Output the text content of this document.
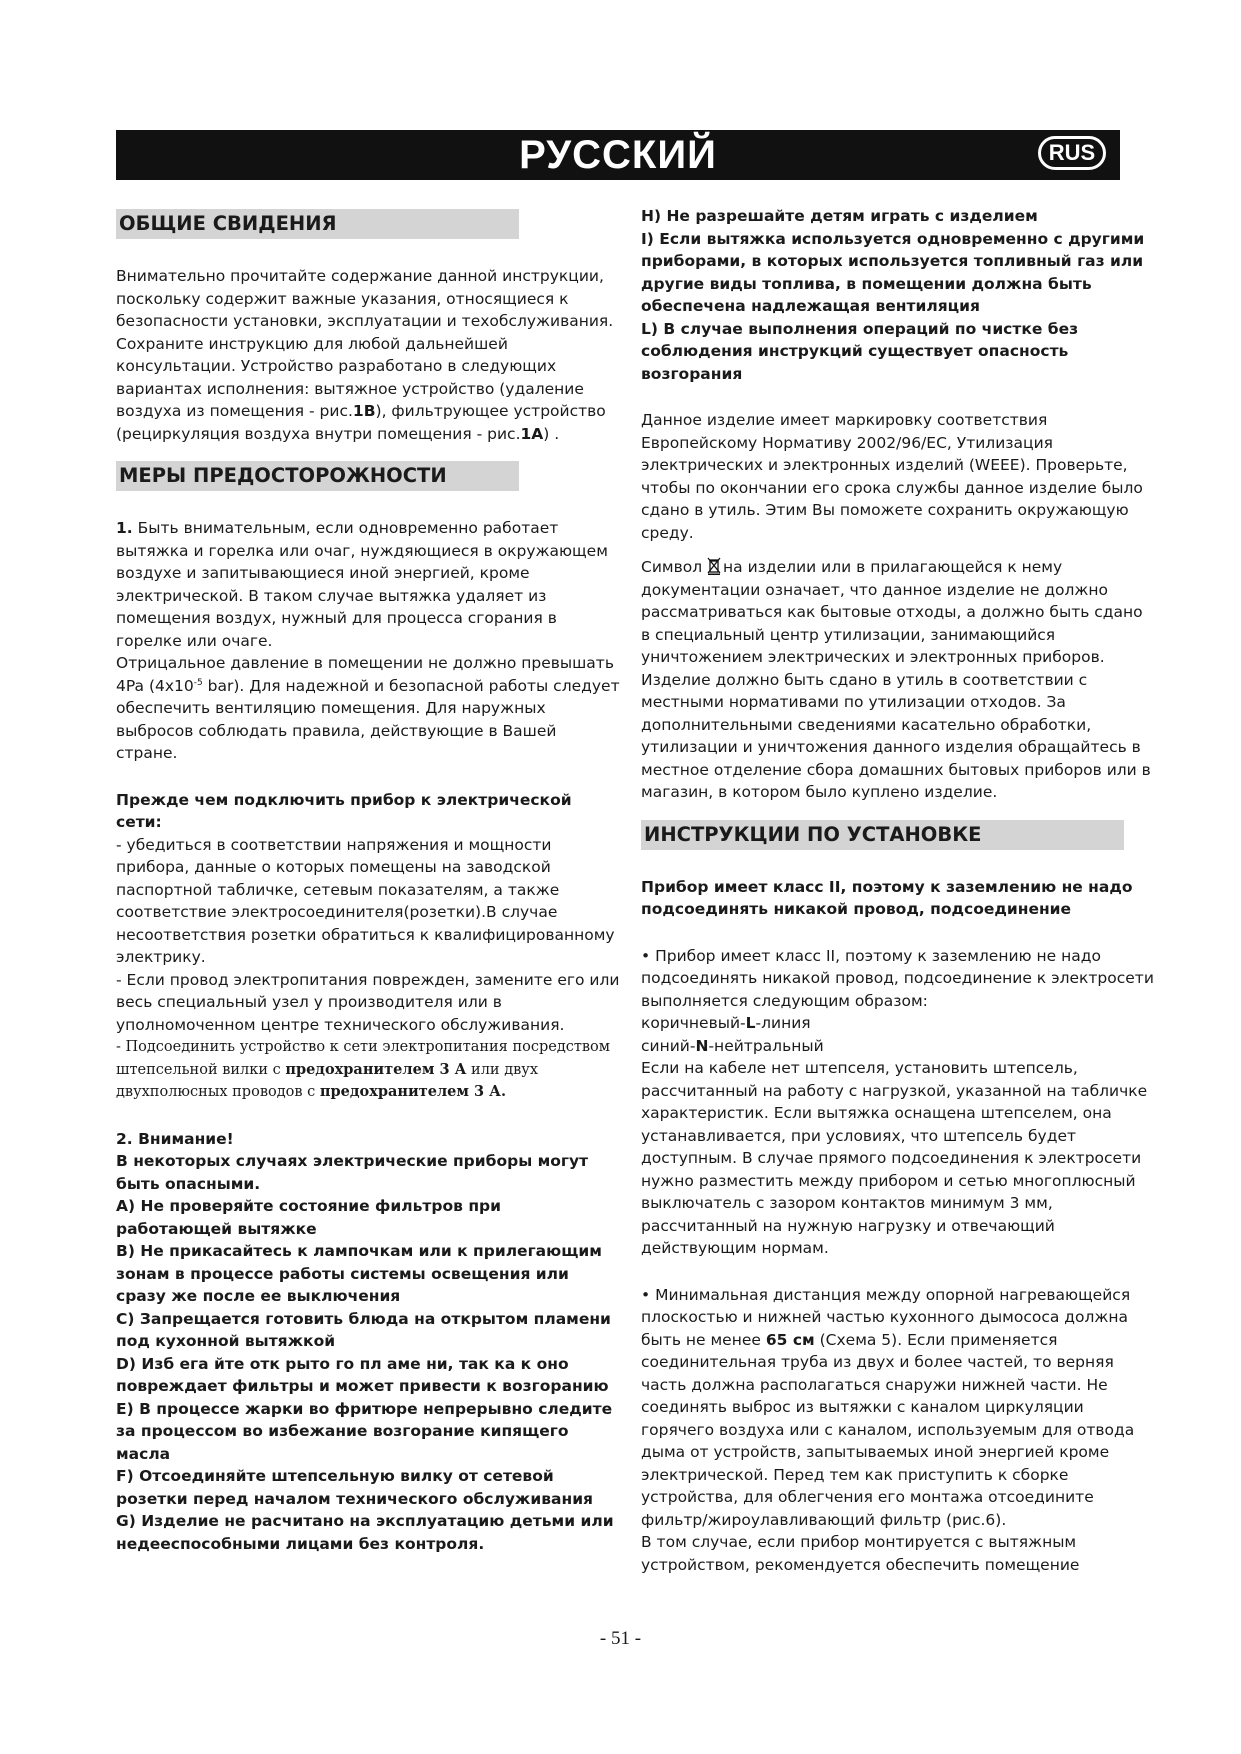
РУССКИЙ	RUS
ОБЩИЕ СВИДЕНИЯ

Внимательно прочитайте содержание данной инструкции, поскольку содержит важные указания, относящиеся к безопасности установки, эксплуатации и техобслуживания. Сохраните инструкцию для любой дальнейшей консультации. Устройство разработано в следующих вариантах исполнения: вытяжное устройство (удаление воздуха из помещения - рис.1B), фильтрующее устройство (рециркуляция воздуха внутри помещения - рис.1A) .

МЕРЫ ПРЕДОСТОРОЖНОСТИ

1. Быть внимательным, если одновременно работает вытяжка и горелка или очаг, нуждяющиеся в окружающем воздухе и запитывающиеся иной энергией, кроме электрической. В таком случае вытяжка удаляет из помещения воздух, нужный для процесса сгорания в горелке или очаге.

Отрицальное давление в помещении не должно превышать 4Pa ($4x10^{-5}$ bar). Для надежной и безопасной работы следует обеспечить вентиляцию помещения. Для наружных выбросов соблюдать правила, действующие в Вашей стране.

Прежде чем подключить прибор к электрической сети:

- убедиться в соответствии напряжения и мощности прибора, данные о которых помещены на заводской паспортной табличке, сетевым показателям, а также соответствие электросоединителя(розетки).В случае несоответствия розетки обратиться к квалифицированному электрику.

- Если провод электропитания поврежден, замените его или весь специальный узел у производителя или в уполномоченном центре технического обслуживания.

- Подсоединить устройство к сети электропитания посредством штепсельной вилки с предохранителем 3 А или двух двухполюсных проводов с предохранителем 3 А.

2. Внимание!

В некоторых случаях электрические приборы могут быть опасными.

A) Не проверяйте состояние фильтров при работающей вытяжке

B) Не прикасайтесь к лампочкам или к прилегающим зонам в процессе работы системы освещения или сразу же после ее выключения

C) Запрещается готовить блюда на открытом пламени под кухонной вытяжкой

D) Изб ега йте отк рыто го пл аме ни, так ка к оно повреждает фильтры и может привести к возгоранию

E) В процессе жарки во фритюре непрерывно следите за процессом во избежание возгорание кипящего масла

F) Отсоединяйте штепсельную вилку от сетевой розетки перед началом технического обслуживания

G) Изделие не расчитано на эксплуатацию детьми или недееспособными лицами без контроля.

H) Не разрешайте детям играть с изделием

I) Если вытяжка используется одновременно с другими приборами, в которых используется топливный газ или другие виды топлива, в помещении должна быть обеспечена надлежащая вентиляция

L) В случае выполнения операций по чистке без соблюдения инструкций существует опасность возгорания

Данное изделие имеет маркировку соответствия Европейскому Нормативу 2002/96/EC, Утилизация электрических и электронных изделий (WEEE). Проверьте, чтобы по окончании его срока службы данное изделие было сдано в утиль. Этим Вы поможете сохранить окружающую среду.

Символ на изделии или в прилагающейся к нему документации означает, что данное изделие не должно рассматриваться как бытовые отходы, а должно быть сдано в специальный центр утилизации, занимающийся уничтожением электрических и электронных приборов. Изделие должно быть сдано в утиль в соответствии с местными нормативами по утилизации отходов. За дополнительными сведениями касательно обработки, утилизации и уничтожения данного изделия обращайтесь в местное отделение сбора домашних бытовых приборов или в магазин, в котором было куплено изделие.

ИНСТРУКЦИИ ПО УСТАНОВКЕ

Прибор имеет класс II, поэтому к заземлению не надо подсоединять никакой провод, подсоединение

• Прибор имеет класс II, поэтому к заземлению не надо подсоединять никакой провод, подсоединение к электросети выполняется следующим образом:

коричневый-L-линия

синий-N-нейтральный

Если на кабеле нет штепселя, установить штепсель, рассчитанный на работу с нагрузкой, указанной на табличке характеристик. Если вытяжка оснащена штепселем, она устанавливается, при условиях, что штепсель будет доступным. В случае прямого подсоединения к электросети нужно разместить между прибором и сетью многоплюсный выключатель с зазором контактов минимум 3 мм, рассчитанный на нужную нагрузку и отвечающий действующим нормам.

• Минимальная дистанция между опорной нагревающейся плоскостью и нижней частью кухонного дымососа должна быть не менее 65 см (Схема 5). Если применяется соединительная труба из двух и более частей, то верняя часть должна располагаться снаружи нижней части. Не соединять выброс из вытяжки с каналом циркуляции горячего воздуха или с каналом, используемым для отвода дыма от устройств, запытываемых иной энергией кроме электрической. Перед тем как приступить к сборке устройства, для облегчения его монтажа отсоедините фильтр/жироулавливающий фильтр (рис.6).

В том случае, если прибор монтируется с вытяжным устройством, рекомендуется обеспечить помещение

- 51 -
